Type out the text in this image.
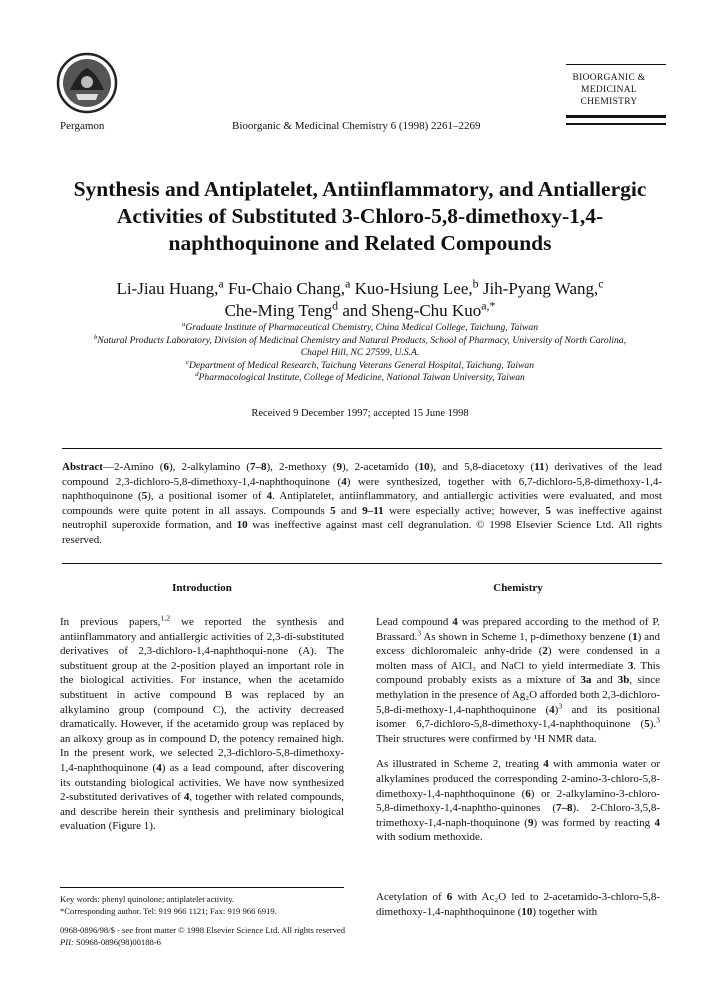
Pergamon	Bioorganic & Medicinal Chemistry 6 (1998) 2261–2269
BIOORGANIC &
MEDICINAL
CHEMISTRY
Synthesis and Antiplatelet, Antiinflammatory, and Antiallergic
Activities of Substituted 3-Chloro-5,8-dimethoxy-1,4-
naphthoquinone and Related Compounds
Li-Jiau Huang,$^a$ Fu-Chaio Chang,$^a$ Kuo-Hsiung Lee,$^b$ Jih-Pyang Wang,$^c$
Che-Ming Teng$^d$ and Sheng-Chu Kuo$^{a,*}$
$^a$Graduate Institute of Pharmaceutical Chemistry, China Medical College, Taichung, Taiwan
$^b$Natural Products Laboratory, Division of Medicinal Chemistry and Natural Products, School of Pharmacy, University of North Carolina,
Chapel Hill, NC 27599, U.S.A.
$^c$Department of Medical Research, Taichung Veterans General Hospital, Taichung, Taiwan
$^d$Pharmacological Institute, College of Medicine, National Taiwan University, Taiwan
Received 9 December 1997; accepted 15 June 1998
Abstract—2-Amino (6), 2-alkylamino (7–8), 2-methoxy (9), 2-acetamido (10), and 5,8-diacetoxy (11) derivatives of the lead compound 2,3-dichloro-5,8-dimethoxy-1,4-naphthoquinone (4) were synthesized, together with 6,7-dichloro-5,8-dimethoxy-1,4-naphthoquinone (5), a positional isomer of 4. Antiplatelet, antiinflammatory, and antiallergic activities were evaluated, and most compounds were quite potent in all assays. Compounds 5 and 9–11 were especially active; however, 5 was ineffective against neutrophil superoxide formation, and 10 was ineffective against mast cell degranulation. © 1998 Elsevier Science Ltd. All rights reserved.
Introduction	Chemistry

In previous papers,$^{1,2}$ we reported the synthesis and antiinflammatory and antiallergic activities of 2,3-di-substituted derivatives of 2,3-dichloro-1,4-naphthoqui-none (A). The substituent group at the 2-position played an important role in the biological activities. For instance, when the acetamido substituent in active compound B was replaced by an alkylamino group (compound C), the activity decreased dramatically. However, if the acetamido group was replaced by an alkoxy group as in compound D, the potency remained high. In the present work, we selected 2,3-dichloro-5,8-dimethoxy-1,4-naphthoquinone (4) as a lead compound, after discovering its outstanding biological activities. We have now synthesized 2-substituted derivatives of 4, together with related compounds, and describe herein their synthesis and preliminary biological evaluation (Figure 1).

Lead compound 4 was prepared according to the method of P. Brassard.$^3$ As shown in Scheme 1, p-dimethoxy benzene (1) and excess dichloromaleic anhy-dride (2) were condensed in a molten mass of AlCl₃ and NaCl to yield intermediate 3. This compound probably exists as a mixture of 3a and 3b, since methylation in the presence of Ag₂O afforded both 2,3-dichloro-5,8-di-methoxy-1,4-naphthoquinone $(4)^3$ and its positional isomer 6,7-dichloro-5,8-dimethoxy-1,4-naphthoquinone (5).$^3$ Their structures were confirmed by ¹H NMR data.

As illustrated in Scheme 2, treating 4 with ammonia water or alkylamines produced the corresponding 2-amino-3-chloro-5,8-dimethoxy-1,4-naphthoquinone (6) or 2-alkylamino-3-chloro-5,8-dimethoxy-1,4-naphtho-quinones (7–8). 2-Chloro-3,5,8-trimethoxy-1,4-naph-thoquinone (9) was formed by reacting 4 with sodium methoxide.

Acetylation of 6 with Ac₂O led to 2-acetamido-3-chloro-5,8-dimethoxy-1,4-naphthoquinone (10) together with
Key words: phenyl quinolone; antiplatelet activity.
*Corresponding author. Tel: 919 966 1121; Fax: 919 966 6919.
0968-0896/98/$ - see front matter © 1998 Elsevier Science Ltd. All rights reserved
PII: S0968-0896(98)00188-6
